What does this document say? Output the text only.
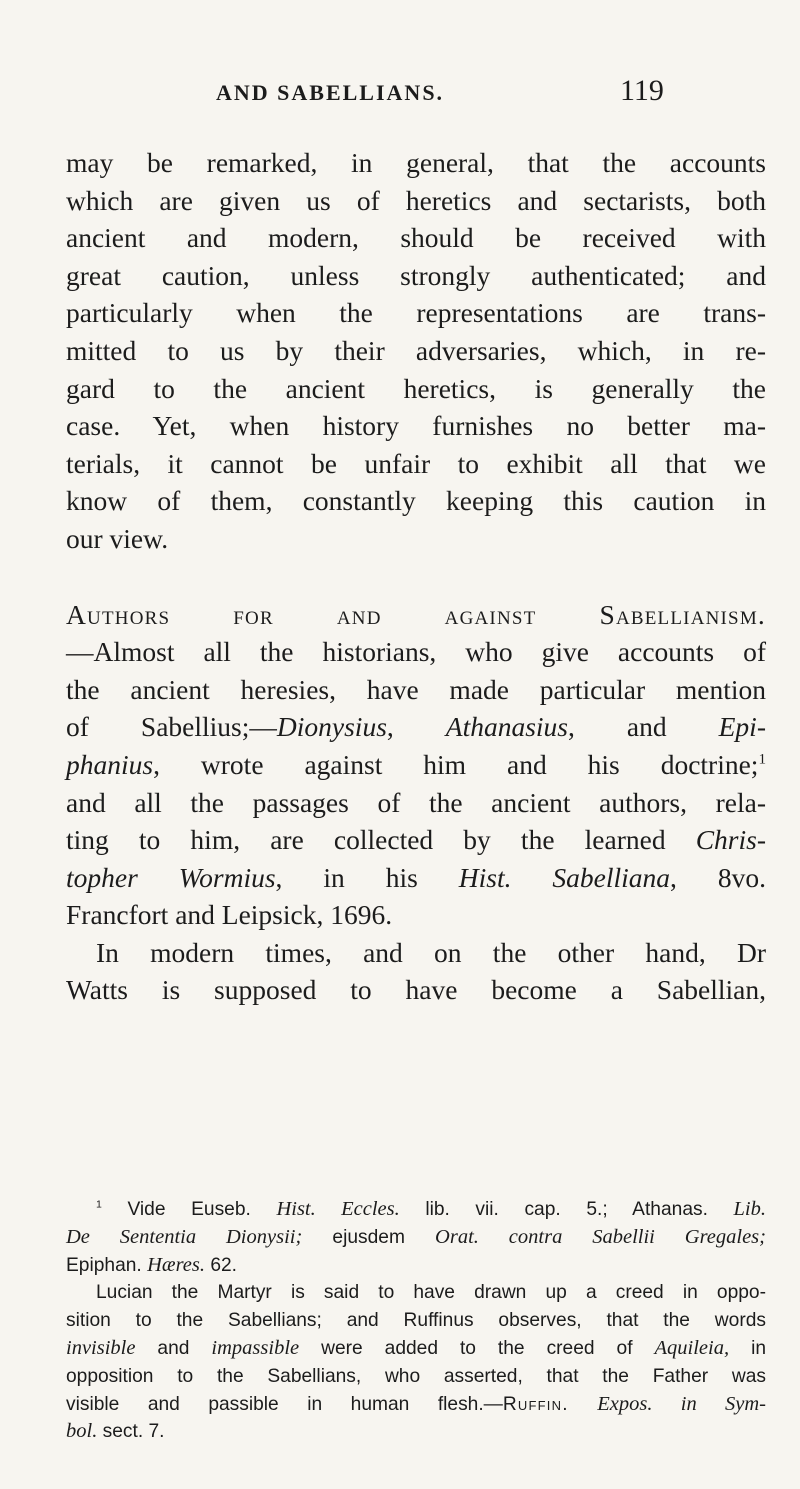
AND SABELLIANS.	119
may be remarked, in general, that the accounts
which are given us of heretics and sectarists, both
ancient and modern, should be received with
great caution, unless strongly authenticated; and
particularly when the representations are trans-
mitted to us by their adversaries, which, in re-
gard to the ancient heretics, is generally the
case. Yet, when history furnishes no better ma-
terials, it cannot be unfair to exhibit all that we
know of them, constantly keeping this caution in
our view.
Authors for and against Sabellianism.
—Almost all the historians, who give accounts of
the ancient heresies, have made particular mention
of Sabellius;—Dionysius, Athanasius, and Epi-
phanius, wrote against him and his doctrine;$^1$
and all the passages of the ancient authors, rela-
ting to him, are collected by the learned Chris-
topher Wormius, in his Hist. Sabelliana, 8vo.
Francfort and Leipsick, 1696.
In modern times, and on the other hand, Dr
Watts is supposed to have become a Sabellian,
$^1$ Vide Euseb. Hist. Eccles. lib. vii. cap. 5.; Athanas. Lib.
De Sententia Dionysii; ejusdem Orat. contra Sabellii Gregales;
Epiphan. Hæres. 62.
Lucian the Martyr is said to have drawn up a creed in oppo-
sition to the Sabellians; and Ruffinus observes, that the words
invisible and impassible were added to the creed of Aquileia, in
opposition to the Sabellians, who asserted, that the Father was
visible and passible in human flesh.—Ruffin. Expos. in Sym-
bol. sect. 7.
